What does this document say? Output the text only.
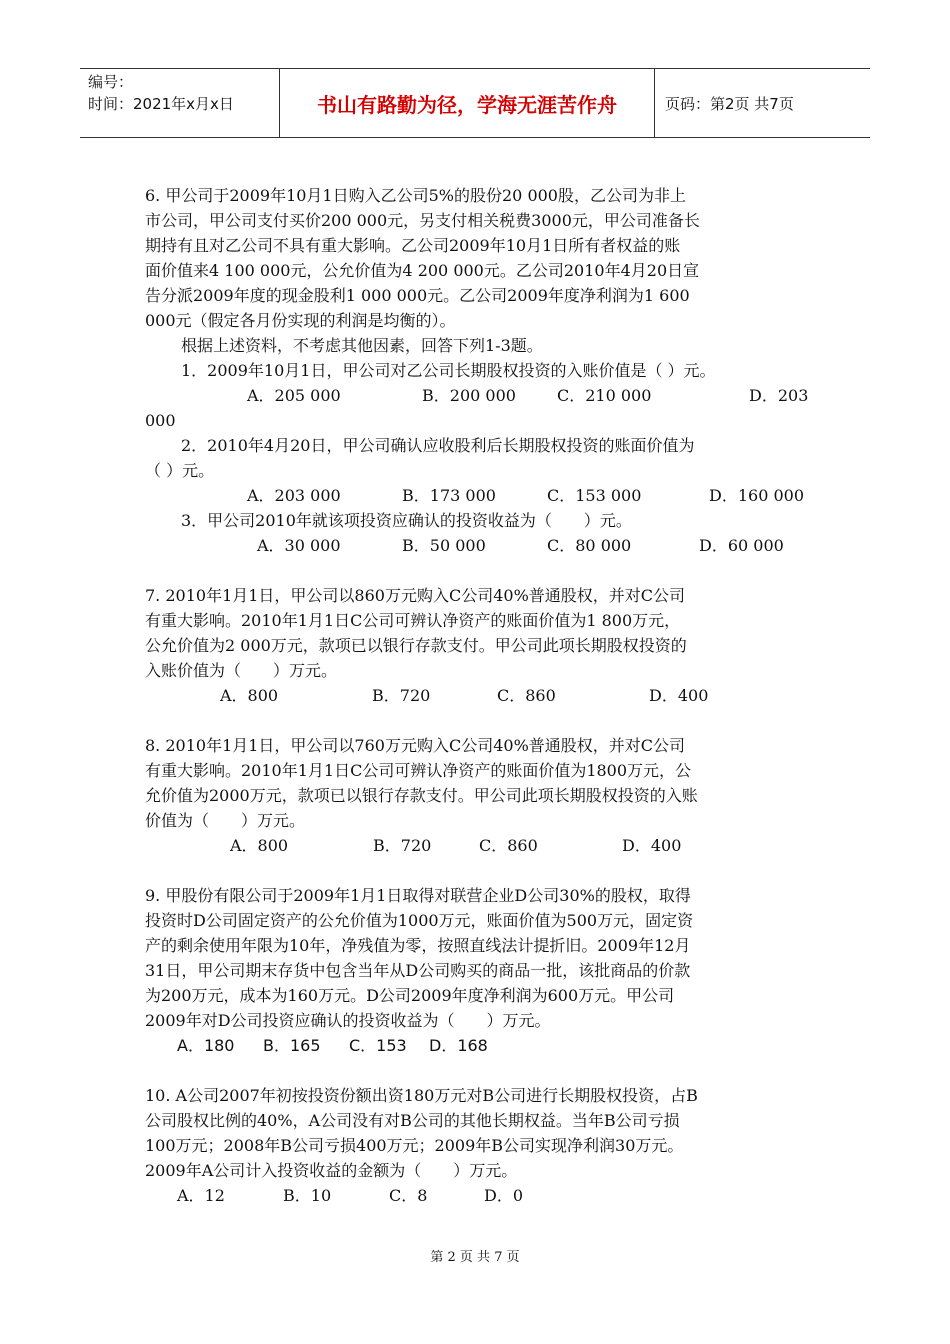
编号：
时间：2021年x月x日	书山有路勤为径，学海无涯苦作舟	页码：第2页 共7页

6. 甲公司于2009年10月1日购入乙公司5%的股份20 000股，乙公司为非上

市公司，甲公司支付买价200 000元，另支付相关税费3000元，甲公司准备长

期持有且对乙公司不具有重大影响。乙公司2009年10月1日所有者权益的账

面价值来4 100 000元，公允价值为4 200 000元。乙公司2010年4月20日宣

告分派2009年度的现金股利1 000 000元。乙公司2009年度净利润为1 600

000元（假定各月份实现的利润是均衡的）。

根据上述资料，不考虑其他因素，回答下列1-3题。

1．2009年10月1日，甲公司对乙公司长期股权投资的入账价值是（ ）元。

A．205 000	B．200 000	C．210 000	D．203

000

2．2010年4月20日，甲公司确认应收股利后长期股权投资的账面价值为

（ ）元。

A．203 000	B．173 000	C．153 000	D．160 000

3．甲公司2010年就该项投资应确认的投资收益为（　　）元。

A．30 000	B．50 000	C．80 000	D．60 000

7. 2010年1月1日，甲公司以860万元购入C公司40%普通股权，并对C公司

有重大影响。2010年1月1日C公司可辨认净资产的账面价值为1 800万元，

公允价值为2 000万元，款项已以银行存款支付。甲公司此项长期股权投资的

入账价值为（　　）万元。

A．800	B．720	C．860	D．400

8. 2010年1月1日，甲公司以760万元购入C公司40%普通股权，并对C公司

有重大影响。2010年1月1日C公司可辨认净资产的账面价值为1800万元，公

允价值为2000万元，款项已以银行存款支付。甲公司此项长期股权投资的入账

价值为（　　）万元。

A．800	B．720	C．860	D．400

9. 甲股份有限公司于2009年1月1日取得对联营企业D公司30%的股权，取得

投资时D公司固定资产的公允价值为1000万元，账面价值为500万元，固定资

产的剩余使用年限为10年，净残值为零，按照直线法计提折旧。2009年12月

31日，甲公司期末存货中包含当年从D公司购买的商品一批，该批商品的价款

为200万元，成本为160万元。D公司2009年度净利润为600万元。甲公司

2009年对D公司投资应确认的投资收益为（　　）万元。

A．180	B．165	C．153	D．168

10. A公司2007年初按投资份额出资180万元对B公司进行长期股权投资，占B

公司股权比例的40%，A公司没有对B公司的其他长期权益。当年B公司亏损

100万元；2008年B公司亏损400万元；2009年B公司实现净利润30万元。

2009年A公司计入投资收益的金额为（　　）万元。

A．12	B．10	C．8	D．0
第 2 页 共 7 页
